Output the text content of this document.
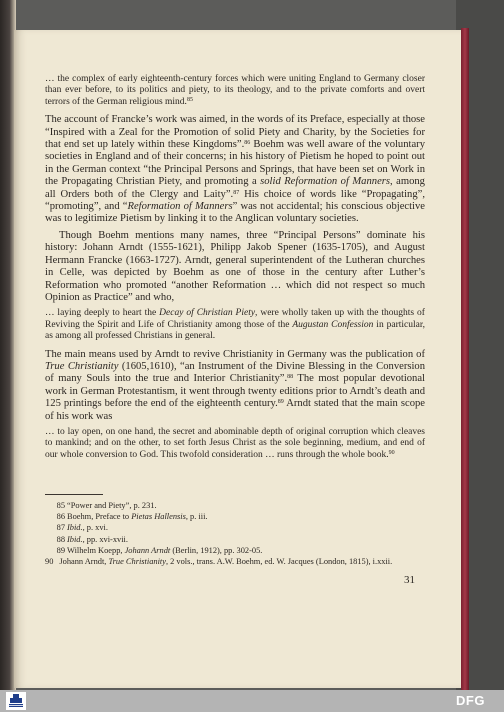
… the complex of early eighteenth-century forces which were uniting England to Germany closer than ever before, to its politics and piety, to its theology, and to the private comforts and overt terrors of the German religious mind.$^{85}$

The account of Francke’s work was aimed, in the words of its Preface, especially at those “Inspired with a Zeal for the Promotion of solid Piety and Charity, by the Societies for that end set up lately within these Kingdoms”.$^{86}$ Boehm was well aware of the voluntary societies in England and of their concerns; in his history of Pietism he hoped to point out in the German context “the Principal Persons and Springs, that have been set on Work in the Propagating Christian Piety, and promoting a solid Reformation of Manners, among all Orders both of the Clergy and Laity”.$^{87}$ His choice of words like “Propagating”, “promoting”, and “Reformation of Manners” was not accidental; his conscious objective was to legitimize Pietism by linking it to the Anglican voluntary societies.

Though Boehm mentions many names, three “Principal Persons” dominate his history: Johann Arndt (1555-1621), Philipp Jakob Spener (1635-1705), and August Hermann Francke (1663-1727). Arndt, general superintendent of the Lutheran churches in Celle, was depicted by Boehm as one of those in the century after Luther’s Reformation who promoted “another Reformation … which did not respect so much Opinion as Practice” and who,

… laying deeply to heart the Decay of Christian Piety, were wholly taken up with the thoughts of Reviving the Spirit and Life of Christianity among those of the Augustan Confession in particular, as among all professed Christians in general.

The main means used by Arndt to revive Christianity in Germany was the publication of True Christianity (1605,1610), “an Instrument of the Divine Blessing in the Conversion of many Souls into the true and Interior Christianity”.$^{88}$ The most popular devotional work in German Protestantism, it went through twenty editions prior to Arndt’s death and 125 printings before the end of the eighteenth century.$^{89}$ Arndt stated that the main scope of his work was

… to lay open, on one hand, the secret and abominable depth of original corruption which cleaves to mankind; and on the other, to set forth Jesus Christ as the sole beginning, medium, and end of our whole conversion to God. This twofold consideration … runs through the whole book.$^{90}$

85 “Power and Piety”, p. 231.
86 Boehm, Preface to Pietas Hallensis, p. iii.
87 Ibid., p. xvi.
88 Ibid., pp. xvi-xvii.
89 Wilhelm Koepp, Johann Arndt (Berlin, 1912), pp. 302-05.
90 Johann Arndt, True Christianity, 2 vols., trans. A.W. Boehm, ed. W. Jacques (London, 1815), i.xxii.
31
DFG
